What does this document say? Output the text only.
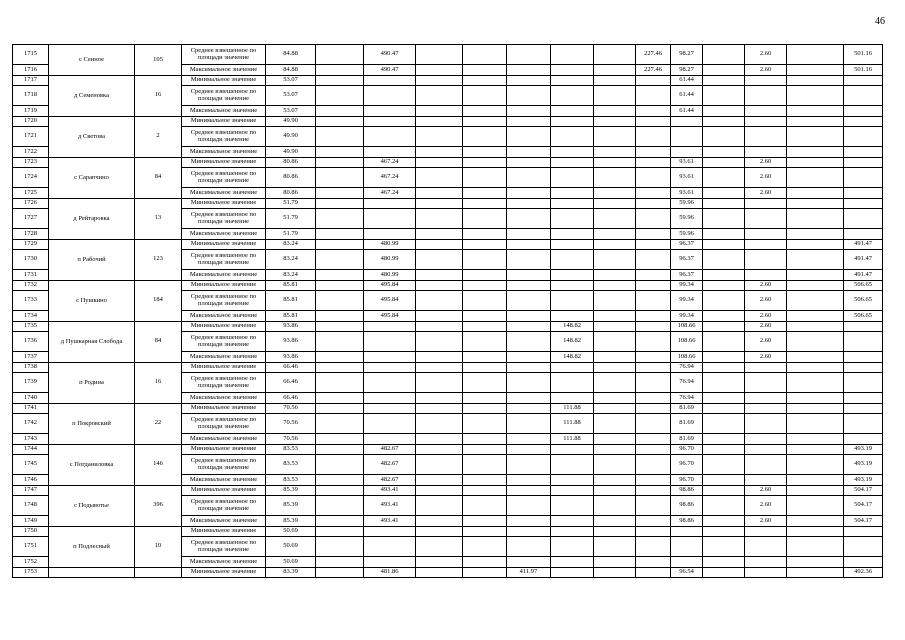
46
1715	с Сеиное	105	Среднее взвешенное по площади значение	84.88		490.47						227.46	98.27		2.60		501.16
1716			Максимальное значение	84.88		490.47						227.46	98.27		2.60		501.16
1717	д Семеновка	16	Минимальное значение	53.07									61.44				
1718			Среднее взвешенное по площади значение	53.07									61.44				
1719			Максимальное значение	53.07									61.44				
1720	д Светова	2	Минимальное значение	49.90													
1721			Среднее взвешенное по площади значение	49.90													
1722			Максимальное значение	49.90													
1723	с Сарапчино	84	Минимальное значение	80.86		467.24							93.61		2.60		
1724			Среднее взвешенное по площади значение	80.86		467.24							93.61		2.60		
1725			Максимальное значение	80.86		467.24							93.61		2.60		
1726	д Рейтаровка	13	Минимальное значение	51.79									59.96				
1727			Среднее взвешенное по площади значение	51.79									59.96				
1728			Максимальное значение	51.79									59.96				
1729	п Рабочий	123	Минимальное значение	83.24		480.99							96.37				491.47
1730			Среднее взвешенное по площади значение	83.24		480.99							96.37				491.47
1731			Максимальное значение	83.24		480.99							96.37				491.47
1732	с Пушкино	184	Минимальное значение	85.81		495.84							99.34		2.60		506.65
1733			Среднее взвешенное по площади значение	85.81		495.84							99.34		2.60		506.65
1734			Максимальное значение	85.81		495.84							99.34		2.60		506.65
1735	д Пушкарная Слобода	84	Минимальное значение	93.86						148.82			108.66		2.60		
1736			Среднее взвешенное по площади значение	93.86						148.82			108.66		2.60		
1737			Максимальное значение	93.86						148.82			108.66		2.60		
1738	п Родина	16	Минимальное значение	66.46									76.94				
1739			Среднее взвешенное по площади значение	66.46									76.94				
1740			Максимальное значение	66.46									76.94				
1741	п Покровский	22	Минимальное значение	70.56						111.88			81.69				
1742			Среднее взвешенное по площади значение	70.56						111.88			81.69				
1743			Максимальное значение	70.56						111.88			81.69				
1744	с Погданиловка	146	Минимальное значение	83.53		482.67							96.70				493.19
1745			Среднее взвешенное по площади значение	83.53		482.67							96.70				493.19
1746			Максимальное значение	83.53		482.67							96.70				493.19
1747	с Подывотье	396	Минимальное значение	85.39		493.41							98.86		2.60		504.17
1748			Среднее взвешенное по площади значение	85.39		493.41							98.86		2.60		504.17
1749			Максимальное значение	85.39		493.41							98.86		2.60		504.17
1750	п Подлесный	10	Минимальное значение	50.69													
1751			Среднее взвешенное по площади значение	50.69													
1752			Максимальное значение	50.69													
1753			Минимальное значение	83.39		481.86			411.97				96.54				492.36
